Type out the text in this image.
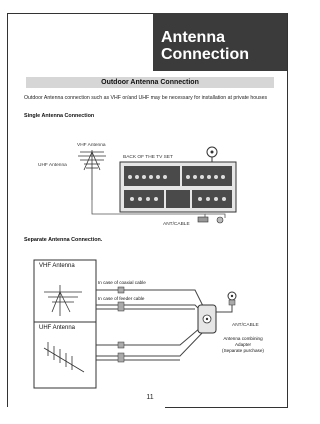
Antenna
Connection
Outdoor Antenna Connection
Outdoor Antenna connection such as VHF or/and UHF may be necessary for installation at private houses
Single Antenna Connection
VHF Antenna
UHF Antenna
BACK OF THE TV SET
ANT/CABLE
Separate Antenna Connection.
VHF Antenna
UHF Antenna
In case of coaxial cable
In case of feeder cable
ANT/CABLE
Antenna combining
Adapter
(Separate purchase)
11
